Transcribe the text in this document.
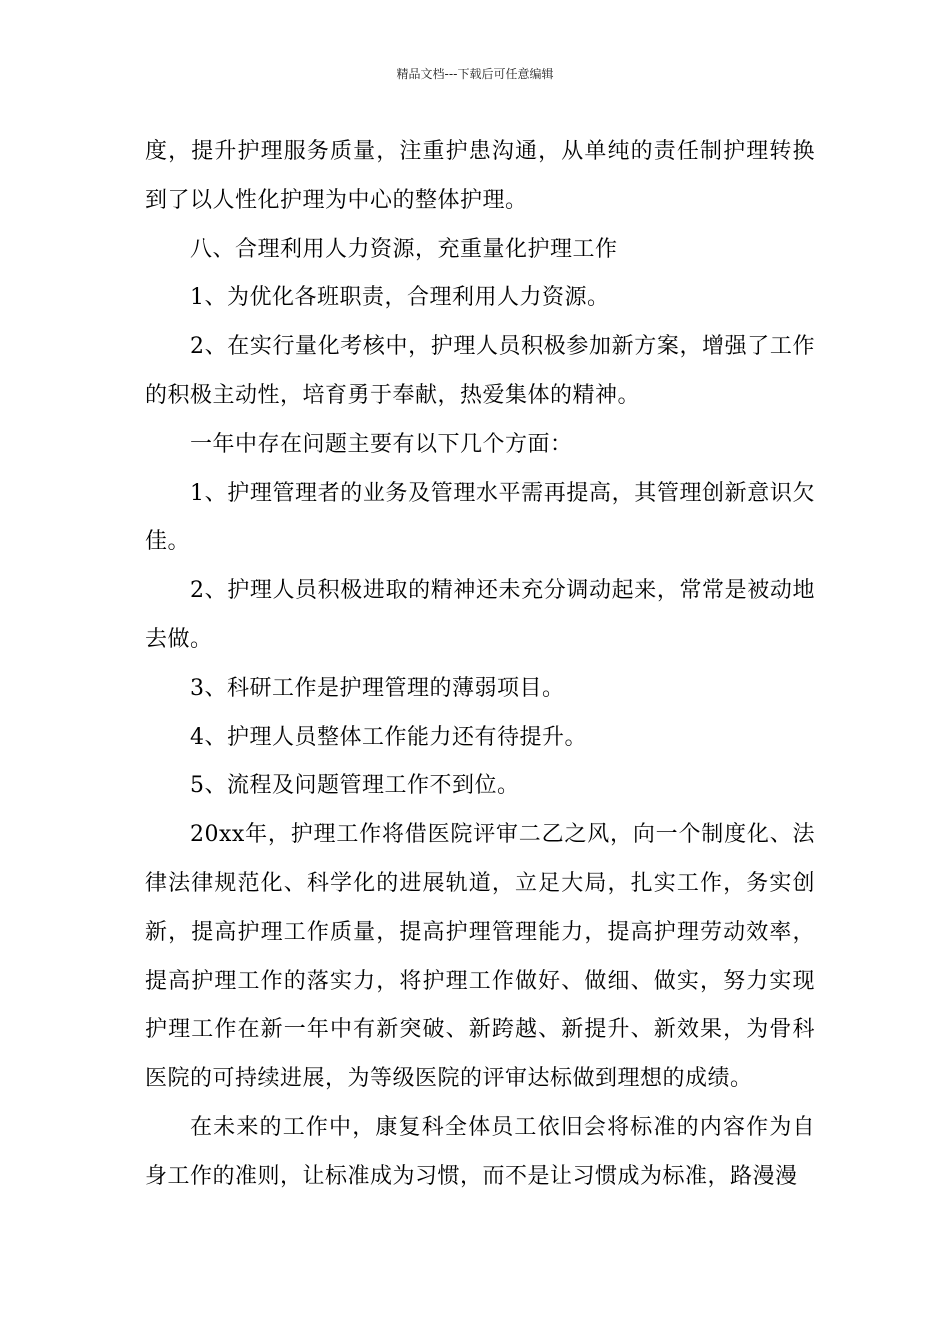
精品文档---下载后可任意编辑

度，提升护理服务质量，注重护患沟通，从单纯的责任制护理转换到了以人性化护理为中心的整体护理。

八、合理利用人力资源，充重量化护理工作

1、为优化各班职责，合理利用人力资源。

2、在实行量化考核中，护理人员积极参加新方案，增强了工作的积极主动性，培育勇于奉献，热爱集体的精神。

一年中存在问题主要有以下几个方面：

1、护理管理者的业务及管理水平需再提高，其管理创新意识欠佳。

2、护理人员积极进取的精神还未充分调动起来，常常是被动地去做。

3、科研工作是护理管理的薄弱项目。

4、护理人员整体工作能力还有待提升。

5、流程及问题管理工作不到位。

20xx年，护理工作将借医院评审二乙之风，向一个制度化、法律法律规范化、科学化的进展轨道，立足大局，扎实工作，务实创新，提高护理工作质量，提高护理管理能力，提高护理劳动效率，提高护理工作的落实力，将护理工作做好、做细、做实，努力实现护理工作在新一年中有新突破、新跨越、新提升、新效果，为骨科医院的可持续进展，为等级医院的评审达标做到理想的成绩。

在未来的工作中，康复科全体员工依旧会将标准的内容作为自身工作的准则，让标准成为习惯，而不是让习惯成为标准，路漫漫
